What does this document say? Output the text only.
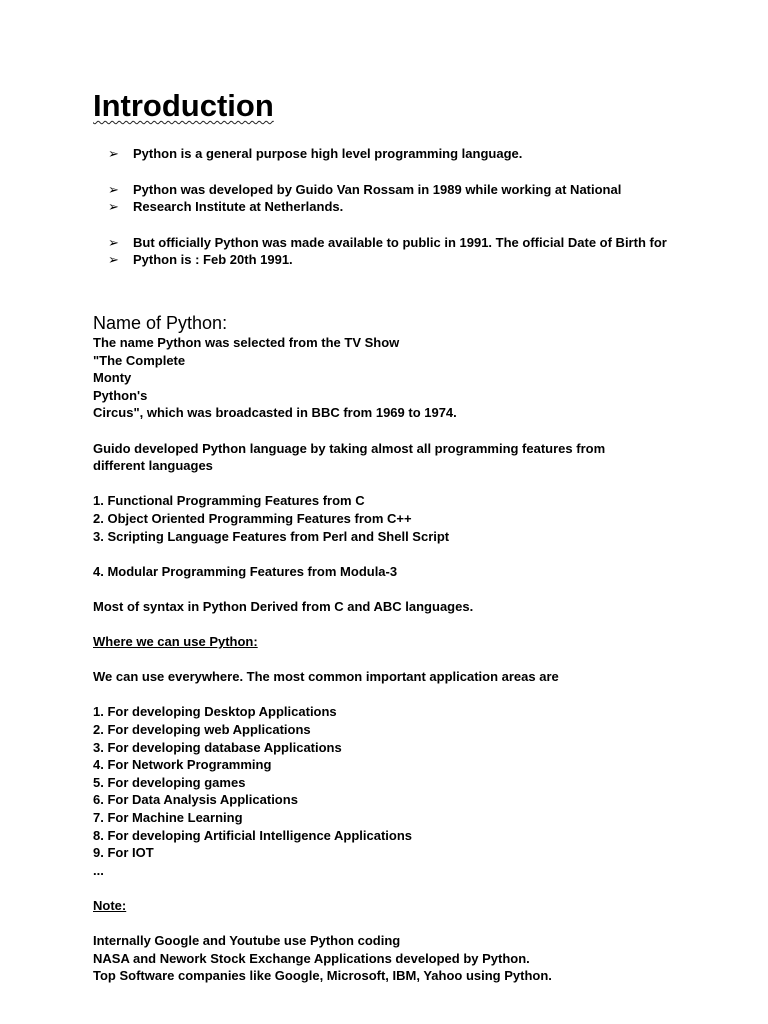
Introduction
➢ Python is a general purpose high level programming language.
➢ Python was developed by Guido Van Rossam in 1989 while working at National
➢ Research Institute at Netherlands.
➢ But officially Python was made available to public in 1991. The official Date of Birth for
➢ Python is : Feb 20th 1991.
Name of Python:

The name Python was selected from the TV Show

"The Complete

Monty

Python's

Circus", which was broadcasted in BBC from 1969 to 1974.

Guido developed Python language by taking almost all programming features from different languages

1. Functional Programming Features from C

2. Object Oriented Programming Features from C++

3. Scripting Language Features from Perl and Shell Script

4. Modular Programming Features from Modula-3

Most of syntax in Python Derived from C and ABC languages.

Where we can use Python:

We can use everywhere. The most common important application areas are

1. For developing Desktop Applications

2. For developing web Applications

3. For developing database Applications

4. For Network Programming

5. For developing games

6. For Data Analysis Applications

7. For Machine Learning

8. For developing Artificial Intelligence Applications

9. For IOT

...

Note:

Internally Google and Youtube use Python coding

NASA and Nework Stock Exchange Applications developed by Python.

Top Software companies like Google, Microsoft, IBM, Yahoo using Python.
